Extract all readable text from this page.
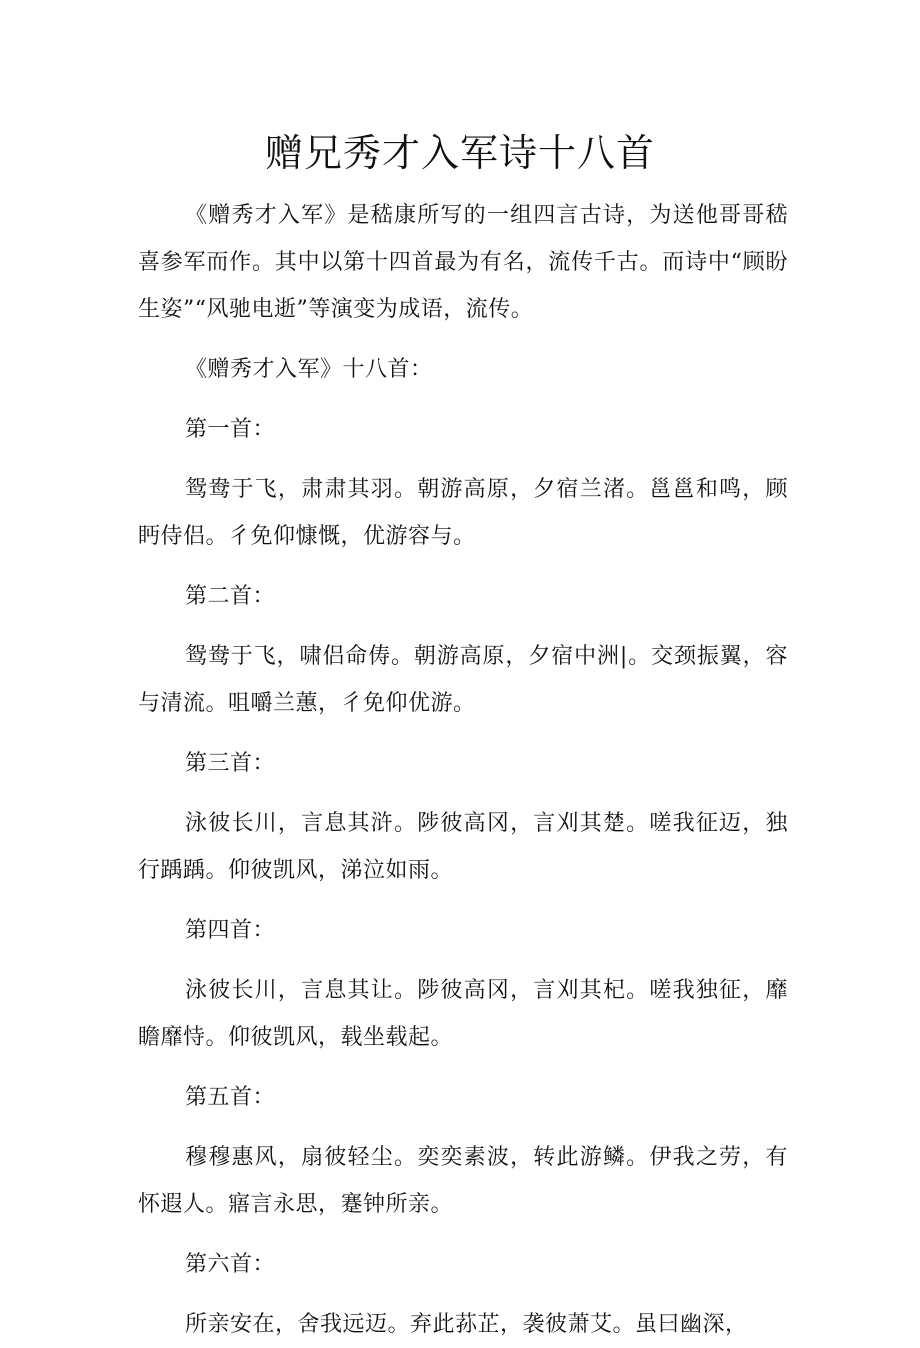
赠兄秀才入军诗十八首

《赠秀才入军》是嵇康所写的一组四言古诗，为送他哥哥嵇喜参军而作。其中以第十四首最为有名，流传千古。而诗中“顾盼生姿”“风驰电逝”等演变为成语，流传。

《赠秀才入军》十八首：

第一首：

鸳鸯于飞，肃肃其羽。朝游高原，夕宿兰渚。邕邕和鸣，顾眄侍侣。彳免仰慷慨，优游容与。

第二首：

鸳鸯于飞，啸侣命俦。朝游高原，夕宿中洲|。交颈振翼，容与清流。咀嚼兰蕙，彳免仰优游。

第三首：

泳彼长川，言息其浒。陟彼高冈，言刈其楚。嗟我征迈，独行踽踽。仰彼凯风，涕泣如雨。

第四首：

泳彼长川，言息其让。陟彼高冈，言刈其杞。嗟我独征，靡瞻靡恃。仰彼凯风，载坐载起。

第五首：

穆穆惠风，扇彼轻尘。奕奕素波，转此游鳞。伊我之劳，有怀遐人。寤言永思，蹇钟所亲。

第六首：

所亲安在，舍我远迈。弃此荪芷，袭彼萧艾。虽曰幽深，
